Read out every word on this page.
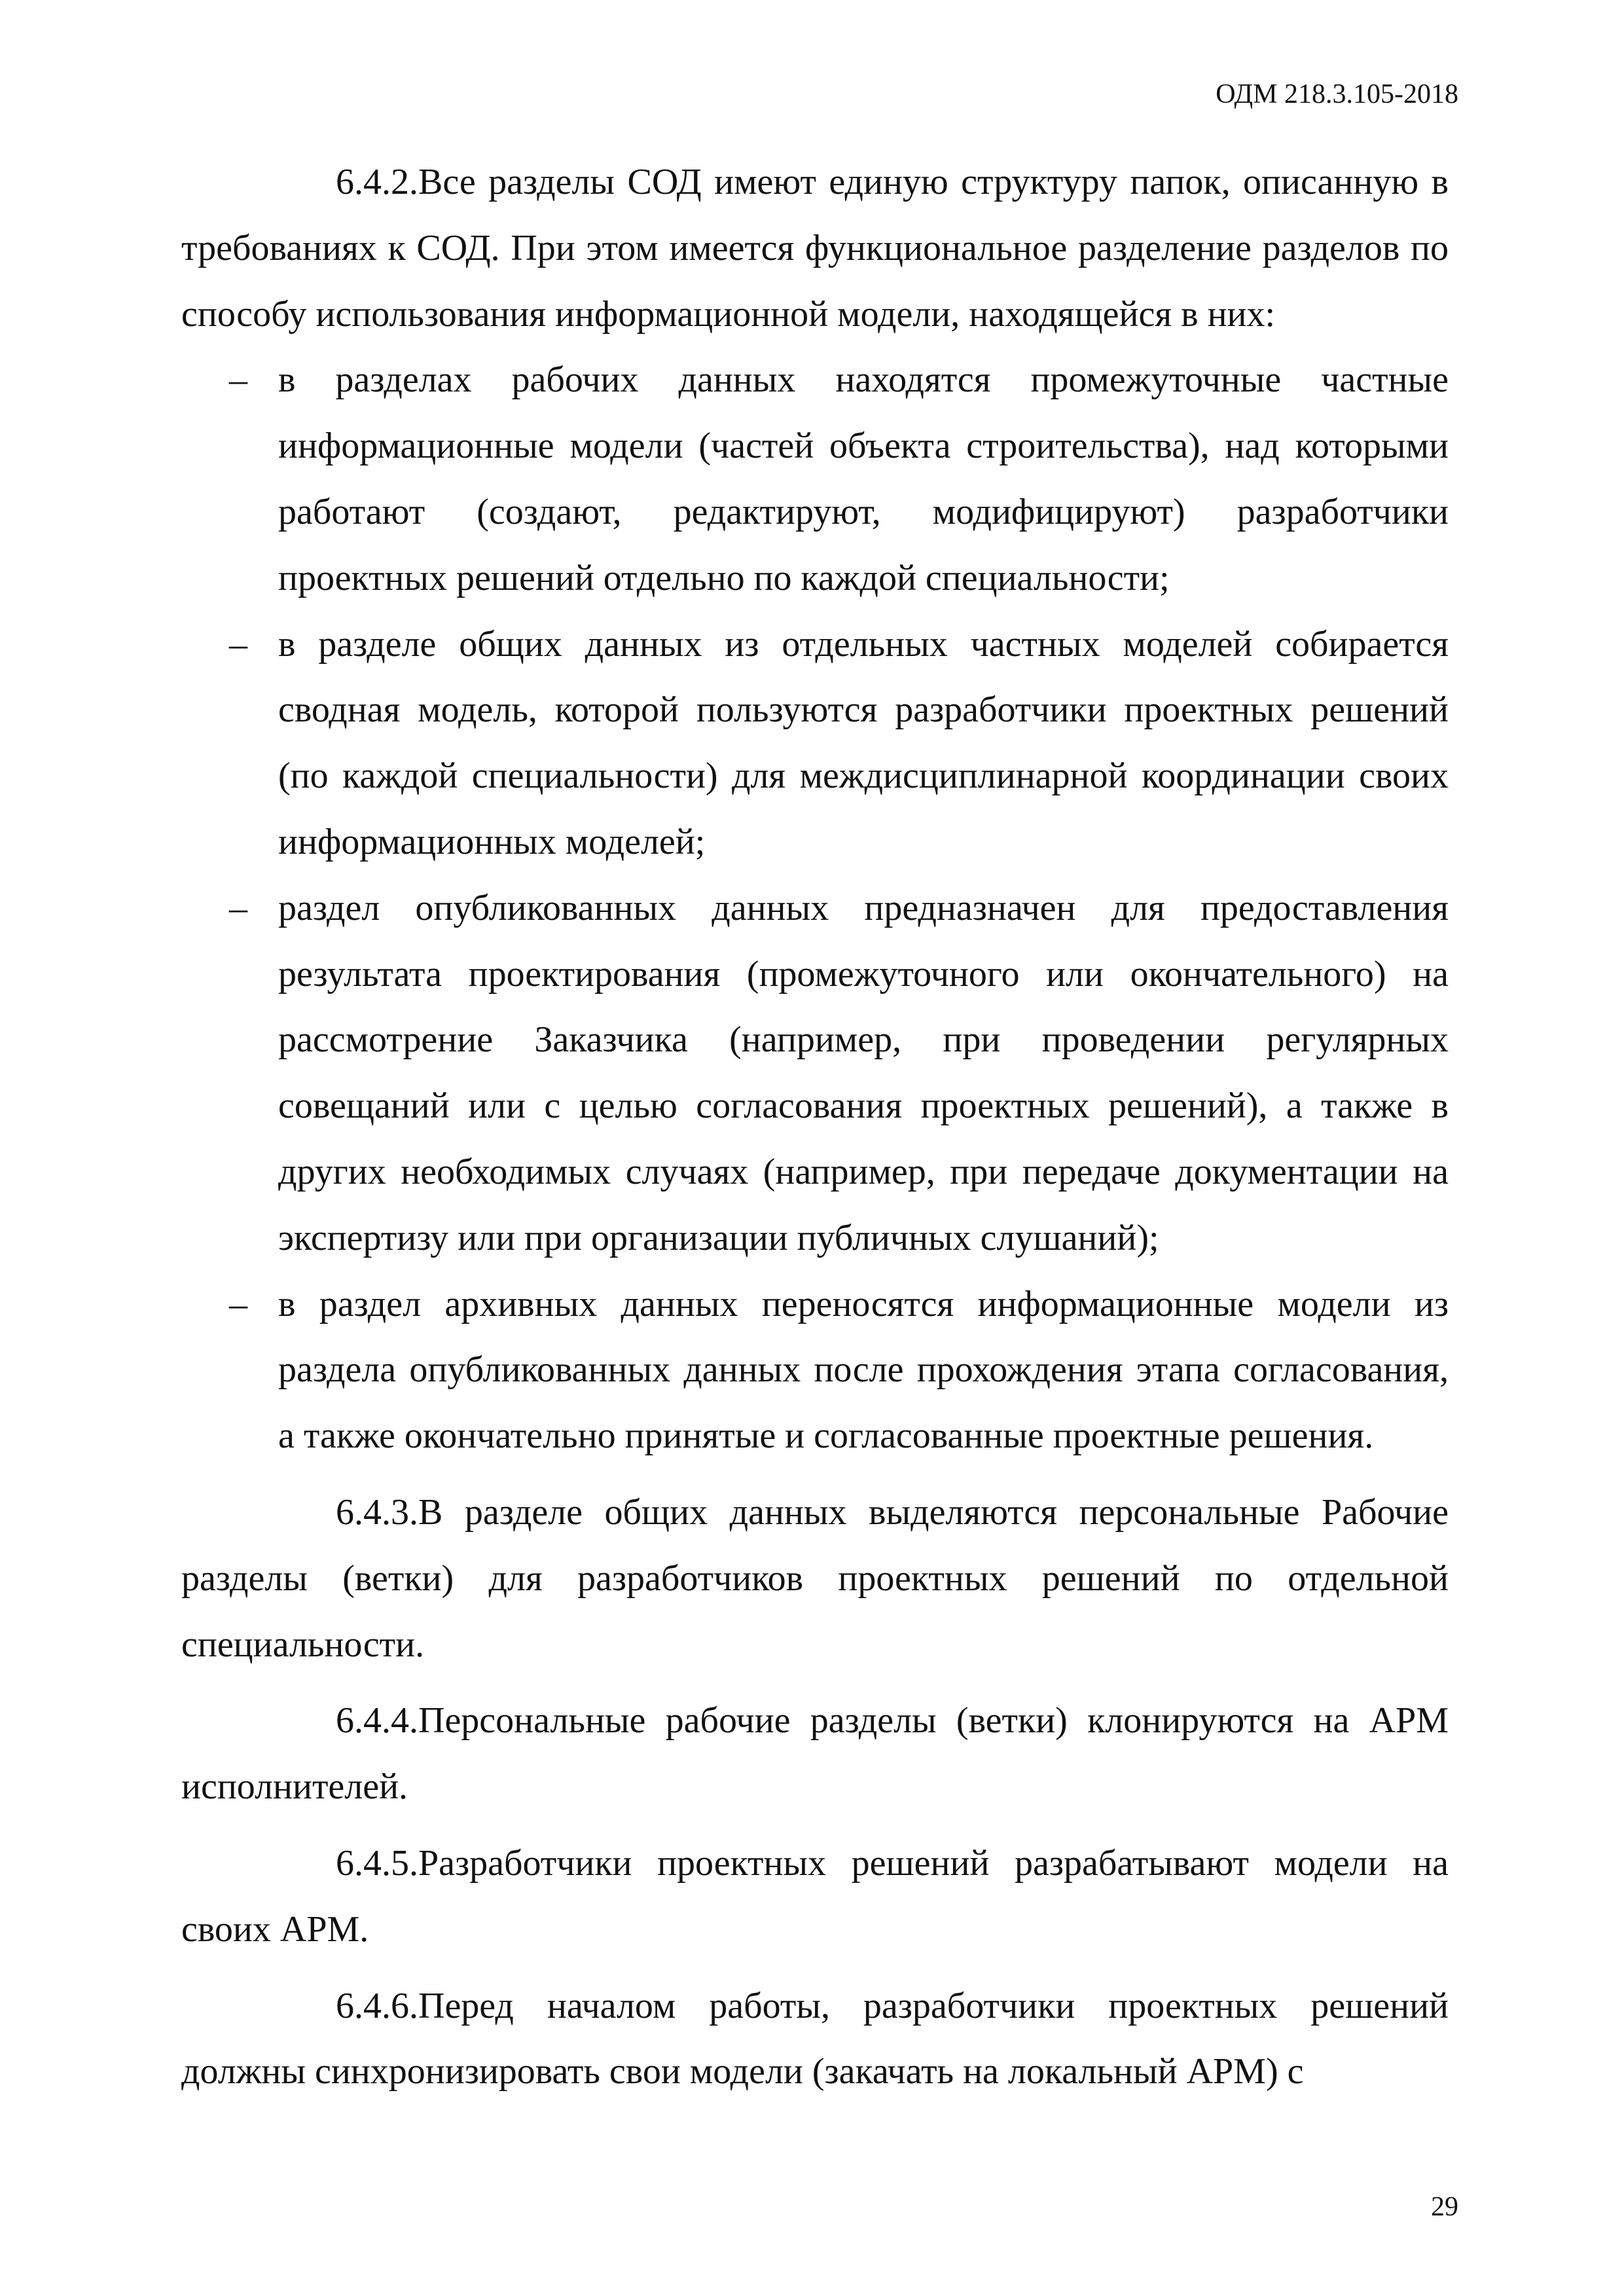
ОДМ 218.3.105-2018

6.4.2.Все разделы СОД имеют единую структуру папок, описанную в требованиях к СОД. При этом имеется функциональное разделение разделов по способу использования информационной модели, находящейся в них:

– в разделах рабочих данных находятся промежуточные частные информационные модели (частей объекта строительства), над которыми работают (создают, редактируют, модифицируют) разработчики проектных решений отдельно по каждой специальности;
– в разделе общих данных из отдельных частных моделей собирается сводная модель, которой пользуются разработчики проектных решений (по каждой специальности) для междисциплинарной координации своих информационных моделей;
– раздел опубликованных данных предназначен для предоставления результата проектирования (промежуточного или окончательного) на рассмотрение Заказчика (например, при проведении регулярных совещаний или с целью согласования проектных решений), а также в других необходимых случаях (например, при передаче документации на экспертизу или при организации публичных слушаний);
– в раздел архивных данных переносятся информационные модели из раздела опубликованных данных после прохождения этапа согласования, а также окончательно принятые и согласованные проектные решения.

6.4.3.В разделе общих данных выделяются персональные Рабочие разделы (ветки) для разработчиков проектных решений по отдельной специальности.

6.4.4.Персональные рабочие разделы (ветки) клонируются на АРМ исполнителей.

6.4.5.Разработчики проектных решений разрабатывают модели на своих АРМ.

6.4.6.Перед началом работы, разработчики проектных решений должны синхронизировать свои модели (закачать на локальный АРМ) с

29
